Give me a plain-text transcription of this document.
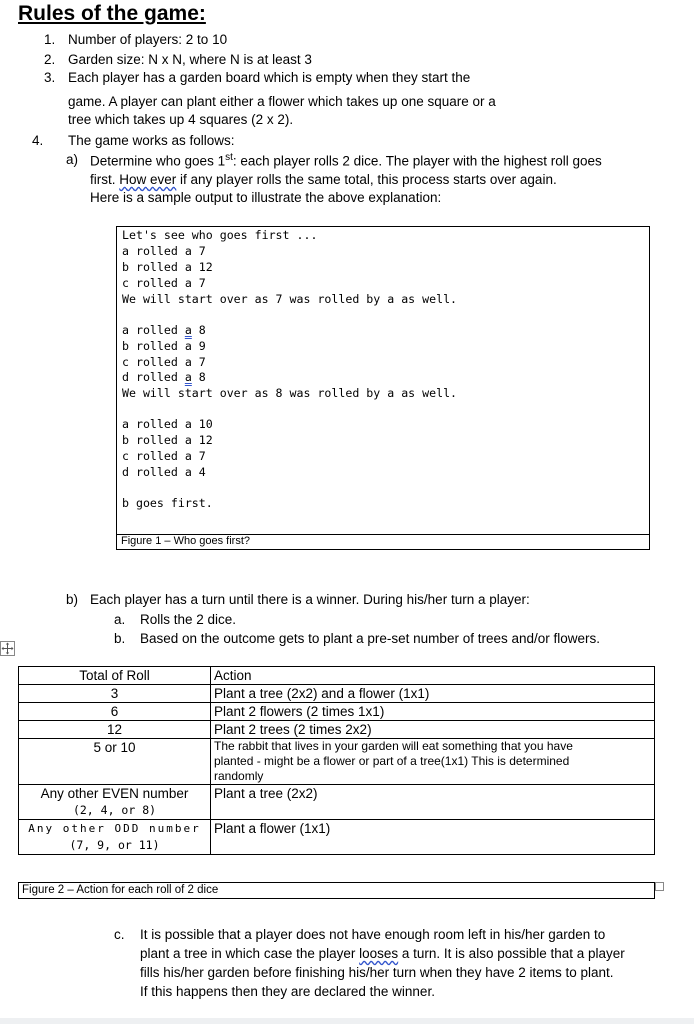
Rules of the game:
1. Number of players: 2 to 10
2. Garden size: N x N, where N is at least 3
3. Each player has a garden board which is empty when they start the
game. A player can plant either a flower which takes up one square or a
tree which takes up 4 squares (2 x 2).
4. The game works as follows:
a) Determine who goes 1st: each player rolls 2 dice. The player with the highest roll goes
first. How ever if any player rolls the same total, this process starts over again.
Here is a sample output to illustrate the above explanation:
Let's see who goes first ...
a rolled a 7
b rolled a 12
c rolled a 7
We will start over as 7 was rolled by a as well.
a rolled a 8
b rolled a 9
c rolled a 7
d rolled a 8
We will start over as 8 was rolled by a as well.
a rolled a 10
b rolled a 12
c rolled a 7
d rolled a 4
b goes first.
Figure 1 – Who goes first?
b) Each player has a turn until there is a winner. During his/her turn a player:
a. Rolls the 2 dice.
b. Based on the outcome gets to plant a pre-set number of trees and/or flowers.
Total of Roll	Action
3	Plant a tree (2x2) and a flower (1x1)
6	Plant 2 flowers (2 times 1x1)
12	Plant 2 trees (2 times 2x2)
5 or 10	The rabbit that lives in your garden will eat something that you have
planted - might be a flower or part of a tree(1x1) This is determined
randomly

Any other EVEN number
(2, 4, or 8)	Plant a tree (2x2)

Any other ODD number
(7, 9, or 11)	Plant a flower (1x1)
Figure 2 – Action for each roll of 2 dice
c. It is possible that a player does not have enough room left in his/her garden to
plant a tree in which case the player looses a turn. It is also possible that a player
fills his/her garden before finishing his/her turn when they have 2 items to plant.
If this happens then they are declared the winner.
